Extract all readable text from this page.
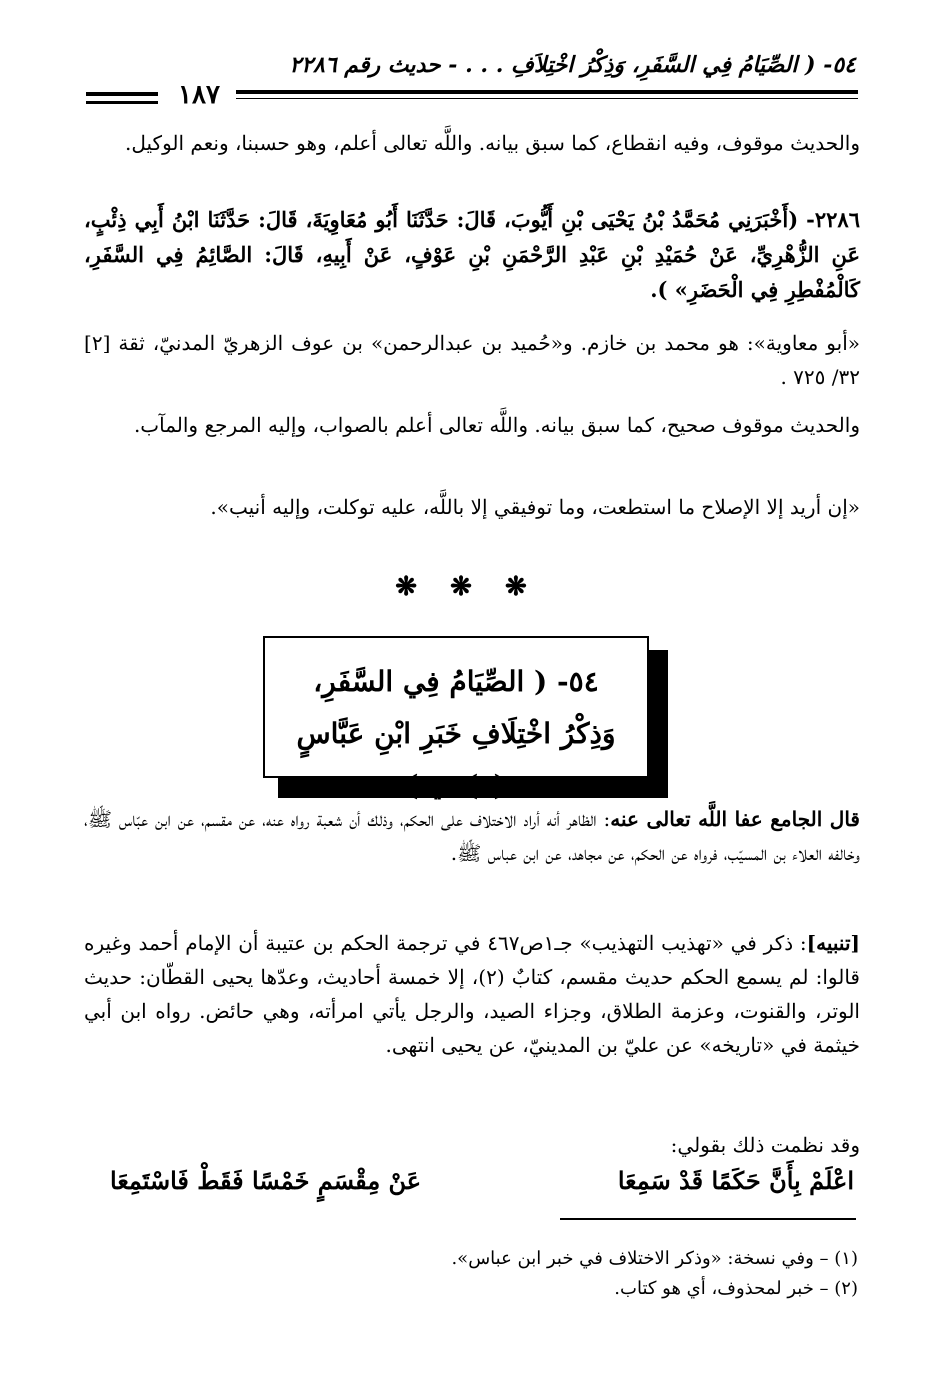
٥٤- ( الصِّيَامُ فِي السَّفَرِ، وَذِكْرُ اخْتِلاَفِ . . . - حديث رقم ٢٢٨٦
١٨٧

والحديث موقوف، وفيه انقطاع، كما سبق بيانه. واللَّه تعالى أعلم، وهو حسبنا، ونعم الوكيل.

٢٢٨٦- (أَخْبَرَنِي مُحَمَّدُ بْنُ يَحْيَى بْنِ أَيُّوبَ، قَالَ: حَدَّثَنَا أَبُو مُعَاوِيَةَ، قَالَ: حَدَّثَنَا ابْنُ أَبِي ذِئْبٍ، عَنِ الزُّهْرِيِّ، عَنْ حُمَيْدِ بْنِ عَبْدِ الرَّحْمَنِ بْنِ عَوْفٍ، عَنْ أَبِيهِ، قَالَ: الصَّائِمُ فِي السَّفَرِ، كَالْمُفْطِرِ فِي الْحَضَرِ» ).

«أبو معاوية»: هو محمد بن خازم. و«حُميد بن عبدالرحمن» بن عوف الزهريّ المدنيّ، ثقة [٢] ٣٢/ ٧٢٥ .

والحديث موقوف صحيح، كما سبق بيانه. واللَّه تعالى أعلم بالصواب، وإليه المرجع والمآب.

«إن أريد إلا الإصلاح ما استطعت، وما توفيقي إلا باللَّه، عليه توكلت، وإليه أنيب».

❋ ❋ ❋
٥٤- ( الصِّيَامُ فِي السَّفَرِ، وَذِكْرُ اخْتِلَافِ خَبَرِ ابْنِ عَبَّاسٍ (١) فيه)

قال الجامع عفا اللَّه تعالى عنه: الظاهر أنه أراد الاختلاف على الحكم، وذلك أن شعبة رواه عنه، عن مقسم، عن ابن عبّاس ﷺ، وخالفه العلاء بن المسيّب، فرواه عن الحكم، عن مجاهد، عن ابن عباس ﷺ.

[تنبيه]: ذكر في «تهذيب التهذيب» جـ١ص٤٦٧ في ترجمة الحكم بن عتيبة أن الإمام أحمد وغيره قالوا: لم يسمع الحكم حديث مقسم، كتابٌ (٢)، إلا خمسة أحاديث، وعدّها يحيى القطّان: حديث الوتر، والقنوت، وعزمة الطلاق، وجزاء الصيد، والرجل يأتي امرأته، وهي حائض. رواه ابن أبي خيثمة في «تاريخه» عن عليّ بن المدينيّ، عن يحيى انتهى.

وقد نظمت ذلك بقولي:

اعْلَمْ بِأَنَّ حَكَمًا قَدْ سَمِعَا
عَنْ مِقْسَمٍ خَمْسًا فَقَطْ فَاسْتَمِعَا

(١) – وفي نسخة: «وذكر الاختلاف في خبر ابن عباس».

(٢) – خبر لمحذوف، أي هو كتاب.
